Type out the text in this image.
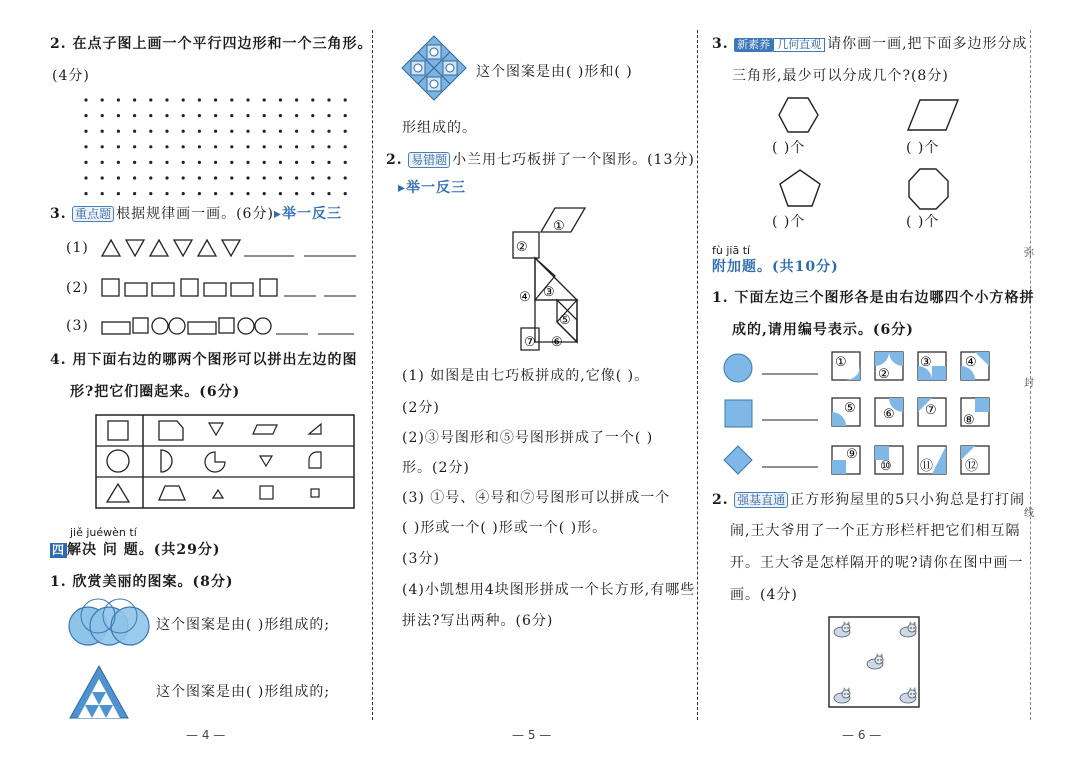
2. 在点子图上画一个平行四边形和一个三角形。
(4分)
3. 重点题 根据规律画一画。(6分)▸举一反三
(1)
(2)
(3)
4. 用下面右边的哪两个图形可以拼出左边的图
形?把它们圈起来。(6分)
jiě juéwèn tí
四 解决 问 题。(共29分)
1. 欣赏美丽的图案。(8分)
这个图案是由( )形组成的;
这个图案是由( )形组成的;
— 4 —
这个图案是由( )形和( )
形组成的。
2. 易错题 小兰用七巧板拼了一个图形。(13分)
▸举一反三
①
②
③
④
⑤
⑥
⑦
(1) 如图是由七巧板拼成的,它像( )。
(2分)
(2)③号图形和⑤号图形拼成了一个( )
形。(2分)
(3) ①号、④号和⑦号图形可以拼成一个
( )形或一个( )形或一个( )形。
(3分)
(4)小凯想用4块图形拼成一个长方形,有哪些
拼法?写出两种。(6分)
— 5 —
3. 新素养 几何直观 请你画一画,把下面多边形分成
三角形,最少可以分成几个?(8分)
( )个	( )个
( )个	( )个
fù jiā tí
附加题。(共10分)
1. 下面左边三个图形各是由右边哪四个小方格拼
成的,请用编号表示。(6分)
①
②
③	④
⑤ ⑥ ⑦
⑧
⑨
⑩ ⑪ ⑫
2. 强基直通 正方形狗屋里的5只小狗总是打打闹
闹,王大爷用了一个正方形栏杆把它们相互隔
开。王大爷是怎样隔开的呢?请你在图中画一
画。(4分)
— 6 —
弥
封
线
